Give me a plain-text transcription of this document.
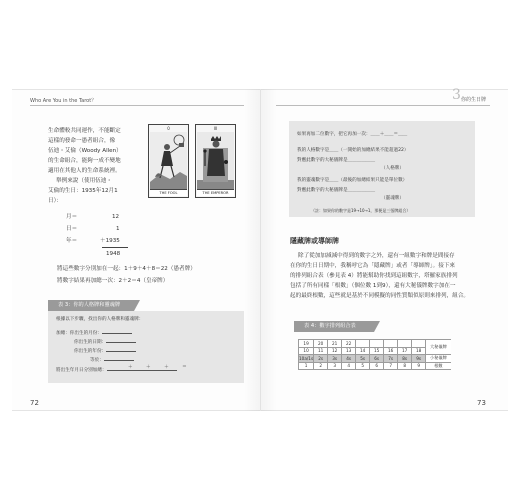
Who Are You in the Tarot？
生命體較共同運作，不能斷定
這樣的發命一愚者組合，像
伍迪・艾倫（Woody Allen）
的生命組合，能夠一成不變地
適用在其他人的生命系統裡。
舉例來說（使用伍迪・
艾倫的生日：1935年12月1
日）：
0
THE FOOL
III
THE EMPEROR
月＝	12
日＝	1
年＝	＋1935
1948
將這些數字分別加在一起：1＋9＋4＋8＝22（愚者牌）
將數字結果再加總一次：2＋2＝4（皇帝牌）
表 3：你的人格牌和靈魂牌
根據以下步驟，找出你的人格牌和靈魂牌：
加總：你出生的月份：
你出生的日期：
你出生的年份：
等於：
將出生年月日分別加總：
＋ ＋ ＋ ＝
72
3 你的生日牌
如果再加二位數字，把它再加一次：＿＿＋＿＿＝＿＿
我的人格數字是＿＿（一開始的加總結果不能超過22）
對應此數字的大秘儀牌是＿＿＿＿＿＿
（人格牌）
我的靈魂數字是＿＿（最後的加總結果只能是單位數）
對應此數字的大秘儀牌是＿＿＿＿＿＿
（靈魂牌）
（註：如果你的數字是19→10→1，那便是三張牌組合）
隱藏牌或導師牌
除了從加加減減中得到的數字之外，還有一組數字和牌是間接存
在你的生日日期中，我稱呼它為「隱藏牌」或者「導師牌」。接下來
的排列組合表（參見表 4）將能幫助你找到這組數字，塔羅家族排列
包括了所有同樣「根數」（個位數 1到9），還有大秘儀牌數字加在一
起的最終根數，這些就是基於不同模擬的同性質類似原則來排列，組合。
表 4：數字排列組合表
19	20	21	22						大秘儀牌
10	11	12	13	14	15	16	17	18	
10a/1s	2s	3s	4s	5s	6s	7s	8s	9s	小秘儀牌
1	2	3	4	5	6	7	8	9	根數
73
